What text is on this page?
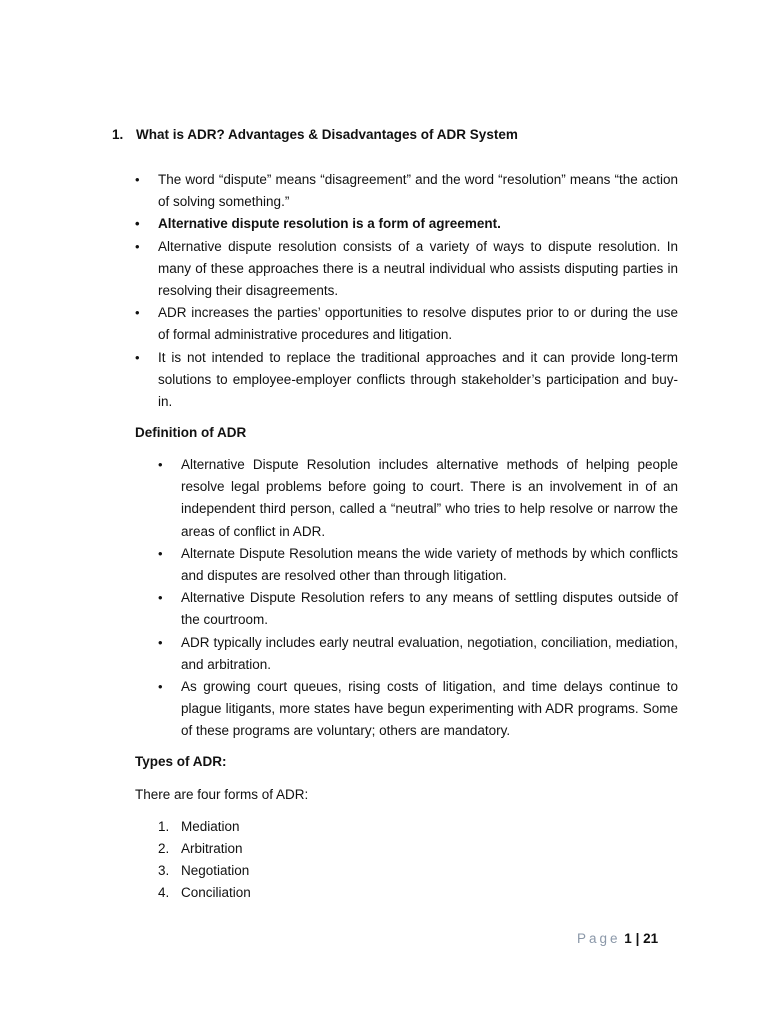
1. What is ADR? Advantages & Disadvantages of ADR System
• The word “dispute” means “disagreement” and the word “resolution” means “the action of solving something.”
• Alternative dispute resolution is a form of agreement.
• Alternative dispute resolution consists of a variety of ways to dispute resolution. In many of these approaches there is a neutral individual who assists disputing parties in resolving their disagreements.
• ADR increases the parties’ opportunities to resolve disputes prior to or during the use of formal administrative procedures and litigation.
• It is not intended to replace the traditional approaches and it can provide long-term solutions to employee-employer conflicts through stakeholder’s participation and buy-in.
Definition of ADR
• Alternative Dispute Resolution includes alternative methods of helping people resolve legal problems before going to court. There is an involvement in of an independent third person, called a “neutral” who tries to help resolve or narrow the areas of conflict in ADR.
• Alternate Dispute Resolution means the wide variety of methods by which conflicts and disputes are resolved other than through litigation.
• Alternative Dispute Resolution refers to any means of settling disputes outside of the courtroom.
• ADR typically includes early neutral evaluation, negotiation, conciliation, mediation, and arbitration.
• As growing court queues, rising costs of litigation, and time delays continue to plague litigants, more states have begun experimenting with ADR programs. Some of these programs are voluntary; others are mandatory.
Types of ADR:
There are four forms of ADR:
1. Mediation
2. Arbitration
3. Negotiation
4. Conciliation
Page 1 | 21
